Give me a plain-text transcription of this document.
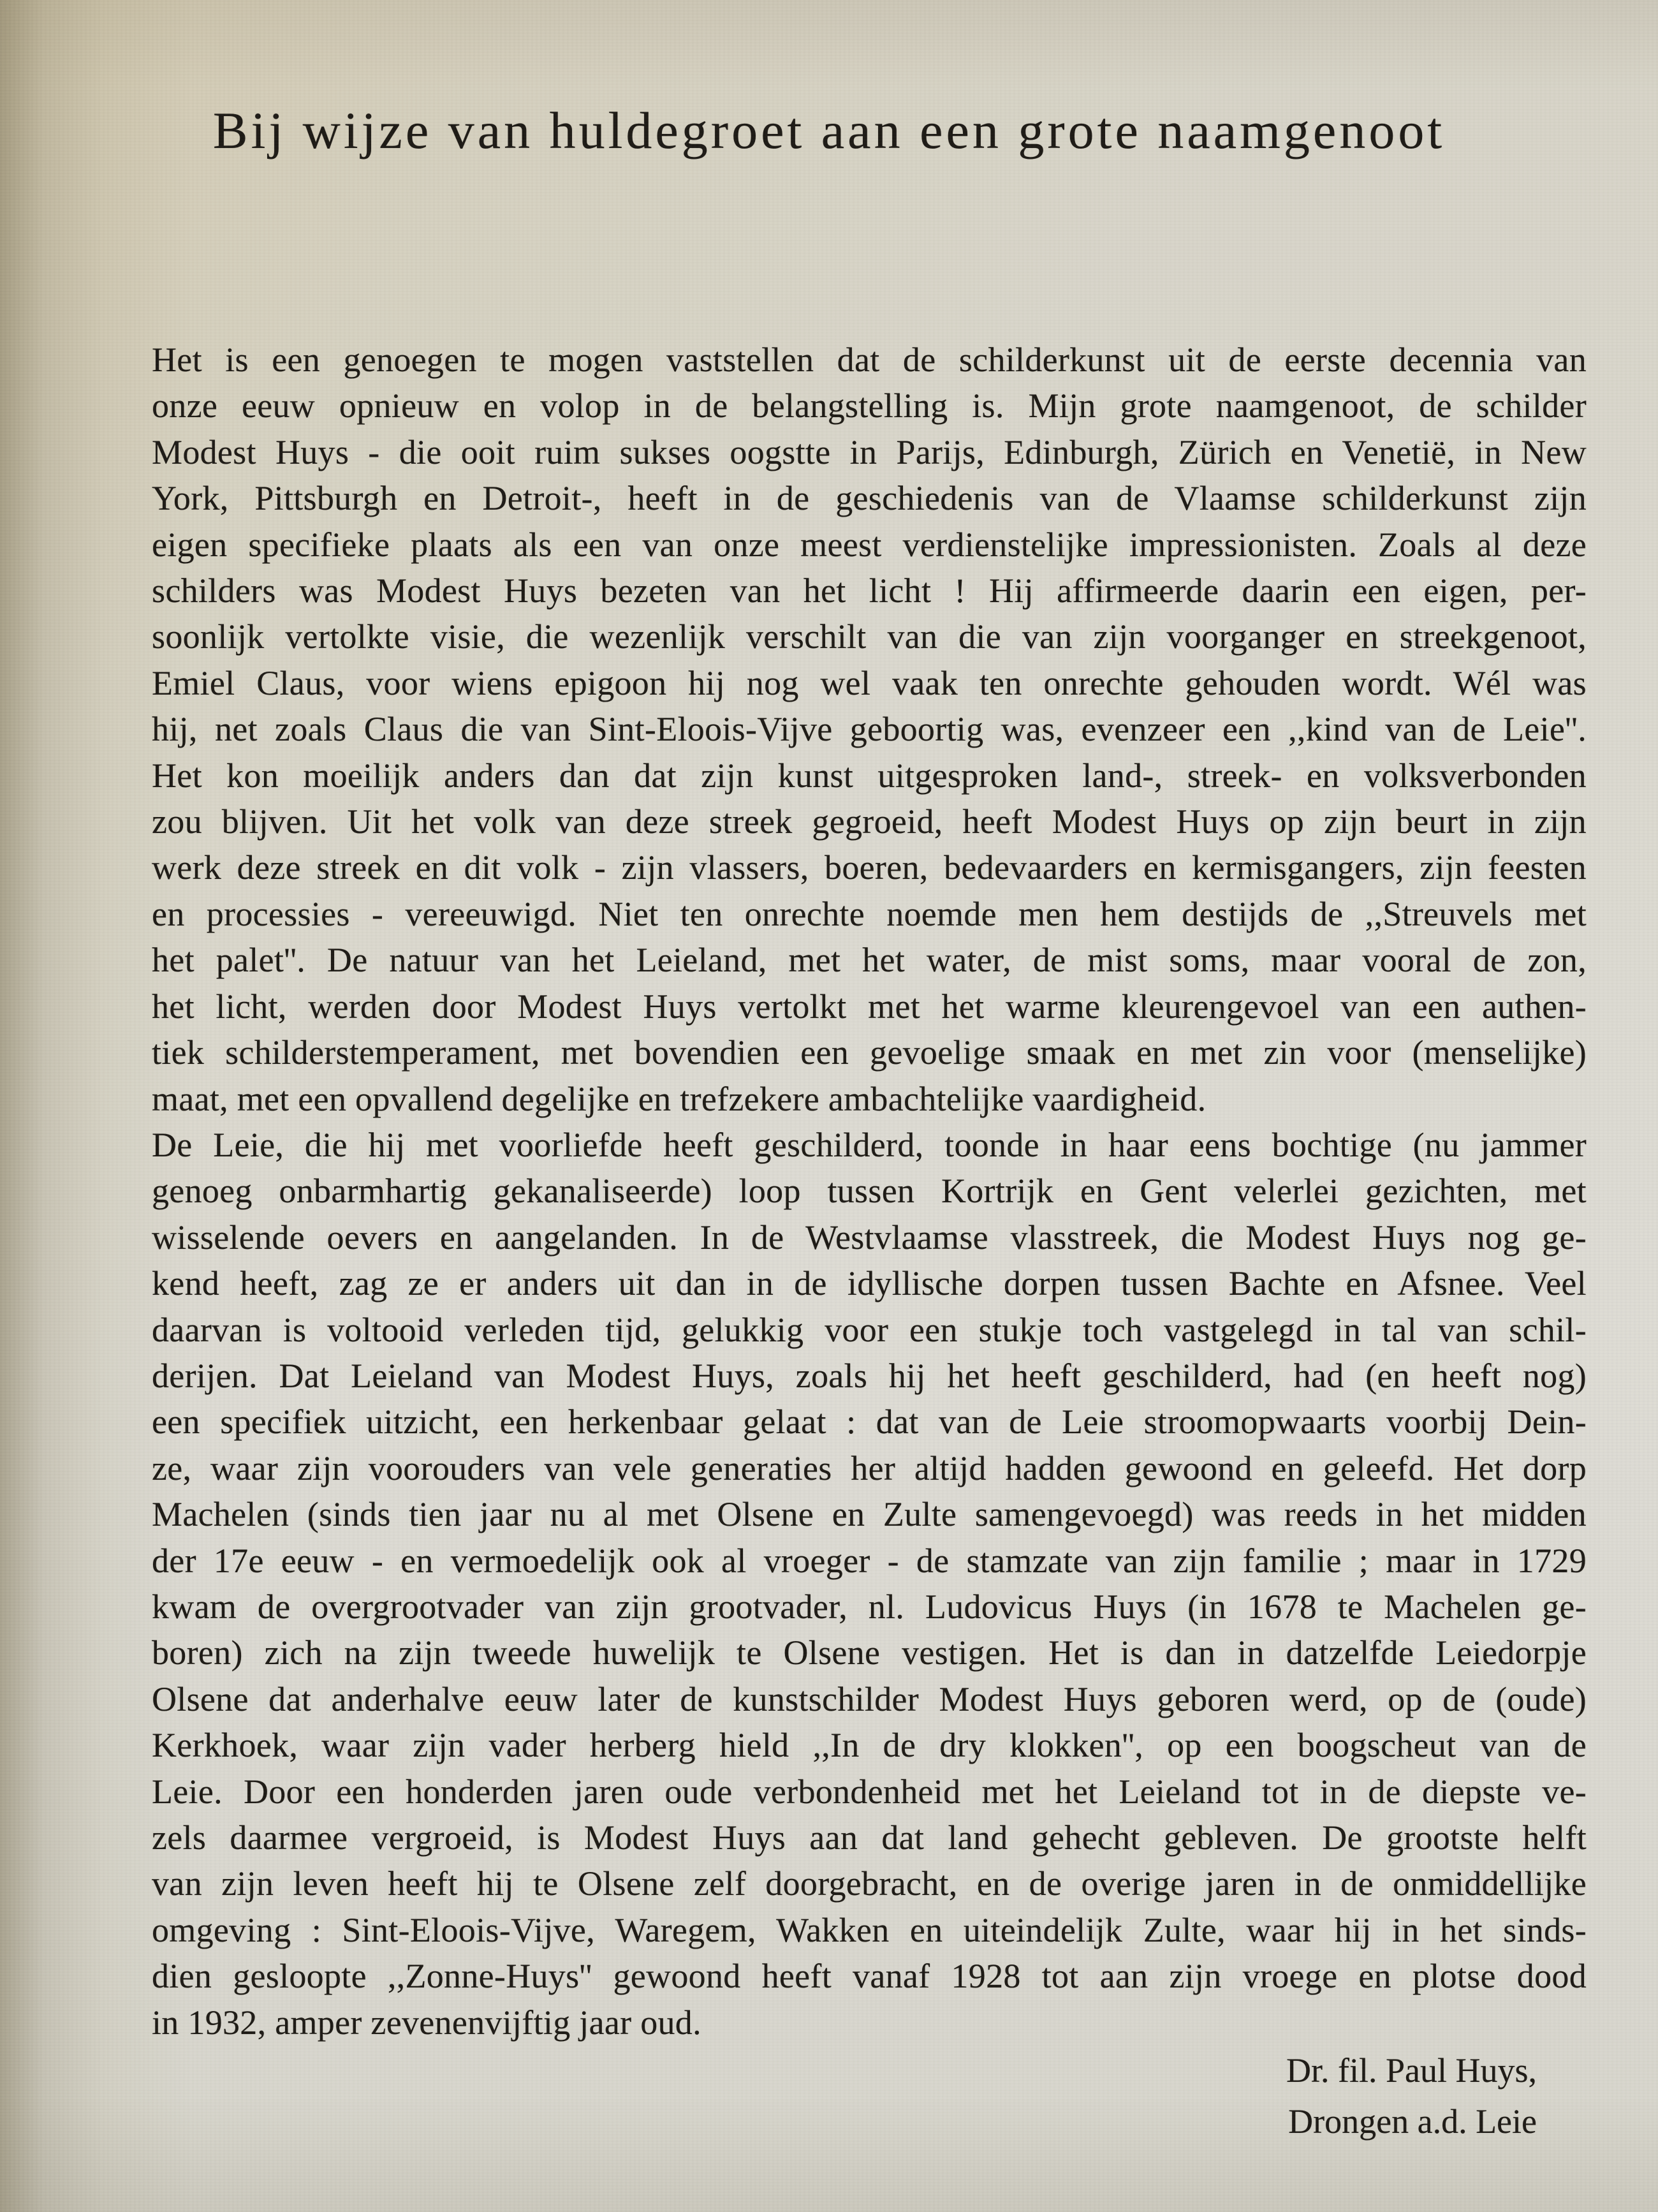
Bij wijze van huldegroet aan een grote naamgenoot
Het is een genoegen te mogen vaststellen dat de schilderkunst uit de eerste decennia van
onze eeuw opnieuw en volop in de belangstelling is. Mijn grote naamgenoot, de schilder
Modest Huys - die ooit ruim sukses oogstte in Parijs, Edinburgh, Zürich en Venetië, in New
York, Pittsburgh en Detroit-, heeft in de geschiedenis van de Vlaamse schilderkunst zijn
eigen specifieke plaats als een van onze meest verdienstelijke impressionisten. Zoals al deze
schilders was Modest Huys bezeten van het licht ! Hij affirmeerde daarin een eigen, per-
soonlijk vertolkte visie, die wezenlijk verschilt van die van zijn voorganger en streekgenoot,
Emiel Claus, voor wiens epigoon hij nog wel vaak ten onrechte gehouden wordt. Wél was
hij, net zoals Claus die van Sint-Eloois-Vijve geboortig was, evenzeer een ,,kind van de Leie''.
Het kon moeilijk anders dan dat zijn kunst uitgesproken land-, streek- en volksverbonden
zou blijven. Uit het volk van deze streek gegroeid, heeft Modest Huys op zijn beurt in zijn
werk deze streek en dit volk - zijn vlassers, boeren, bedevaarders en kermisgangers, zijn feesten
en processies - vereeuwigd. Niet ten onrechte noemde men hem destijds de ,,Streuvels met
het palet''. De natuur van het Leieland, met het water, de mist soms, maar vooral de zon,
het licht, werden door Modest Huys vertolkt met het warme kleurengevoel van een authen-
tiek schilderstemperament, met bovendien een gevoelige smaak en met zin voor (menselijke)
maat, met een opvallend degelijke en trefzekere ambachtelijke vaardigheid.
De Leie, die hij met voorliefde heeft geschilderd, toonde in haar eens bochtige (nu jammer
genoeg onbarmhartig gekanaliseerde) loop tussen Kortrijk en Gent velerlei gezichten, met
wisselende oevers en aangelanden. In de Westvlaamse vlasstreek, die Modest Huys nog ge-
kend heeft, zag ze er anders uit dan in de idyllische dorpen tussen Bachte en Afsnee. Veel
daarvan is voltooid verleden tijd, gelukkig voor een stukje toch vastgelegd in tal van schil-
derijen. Dat Leieland van Modest Huys, zoals hij het heeft geschilderd, had (en heeft nog)
een specifiek uitzicht, een herkenbaar gelaat : dat van de Leie stroomopwaarts voorbij Dein-
ze, waar zijn voorouders van vele generaties her altijd hadden gewoond en geleefd. Het dorp
Machelen (sinds tien jaar nu al met Olsene en Zulte samengevoegd) was reeds in het midden
der 17e eeuw - en vermoedelijk ook al vroeger - de stamzate van zijn familie ; maar in 1729
kwam de overgrootvader van zijn grootvader, nl. Ludovicus Huys (in 1678 te Machelen ge-
boren) zich na zijn tweede huwelijk te Olsene vestigen. Het is dan in datzelfde Leiedorpje
Olsene dat anderhalve eeuw later de kunstschilder Modest Huys geboren werd, op de (oude)
Kerkhoek, waar zijn vader herberg hield ,,In de dry klokken'', op een boogscheut van de
Leie. Door een honderden jaren oude verbondenheid met het Leieland tot in de diepste ve-
zels daarmee vergroeid, is Modest Huys aan dat land gehecht gebleven. De grootste helft
van zijn leven heeft hij te Olsene zelf doorgebracht, en de overige jaren in de onmiddellijke
omgeving : Sint-Eloois-Vijve, Waregem, Wakken en uiteindelijk Zulte, waar hij in het sinds-
dien gesloopte ,,Zonne-Huys'' gewoond heeft vanaf 1928 tot aan zijn vroege en plotse dood
in 1932, amper zevenenvijftig jaar oud.
Dr. fil. Paul Huys,
Drongen a.d. Leie
